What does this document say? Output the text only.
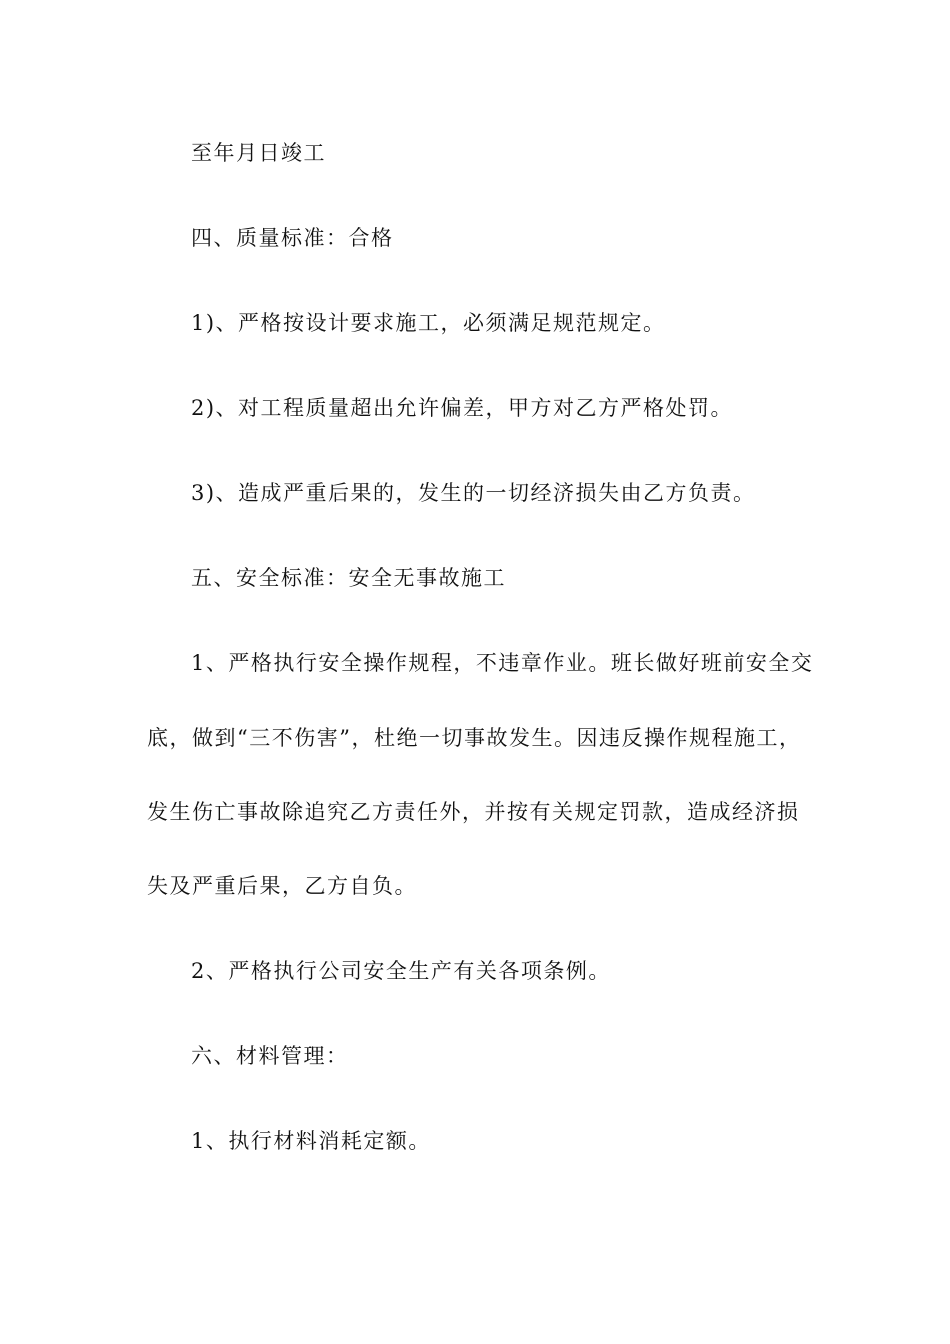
至年月日竣工

四、质量标准：合格

1)、严格按设计要求施工，必须满足规范规定。

2)、对工程质量超出允许偏差，甲方对乙方严格处罚。

3)、造成严重后果的，发生的一切经济损失由乙方负责。

五、安全标准：安全无事故施工

1、严格执行安全操作规程，不违章作业。班长做好班前安全交

底，做到“三不伤害”，杜绝一切事故发生。因违反操作规程施工，

发生伤亡事故除追究乙方责任外，并按有关规定罚款，造成经济损

失及严重后果，乙方自负。

2、严格执行公司安全生产有关各项条例。

六、材料管理：

1、执行材料消耗定额。
